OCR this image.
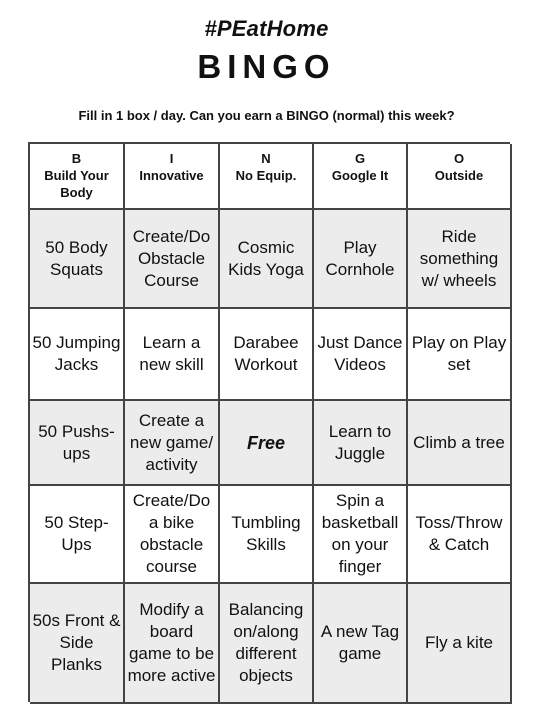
#PEatHome
BINGO
Fill in 1 box / day. Can you earn a BINGO (normal) this week?
B
Build Your Body
I
Innovative
N
No Equip.
G
Google It
O
Outside
50 Body Squats
Create/Do Obstacle Course
Cosmic Kids Yoga
Play Cornhole
Ride something w/ wheels
50 Jumping Jacks
Learn a new skill
Darabee Workout
Just Dance Videos
Play on Play set
50 Pushs-ups
Create a new game/ activity
Free
Learn to Juggle
Climb a tree
50 Step-Ups
Create/Do a bike obstacle course
Tumbling Skills
Spin a basketball on your finger
Toss/Throw & Catch
50s Front & Side Planks
Modify a board game to be more active
Balancing on/along different objects
A new Tag game
Fly a kite
